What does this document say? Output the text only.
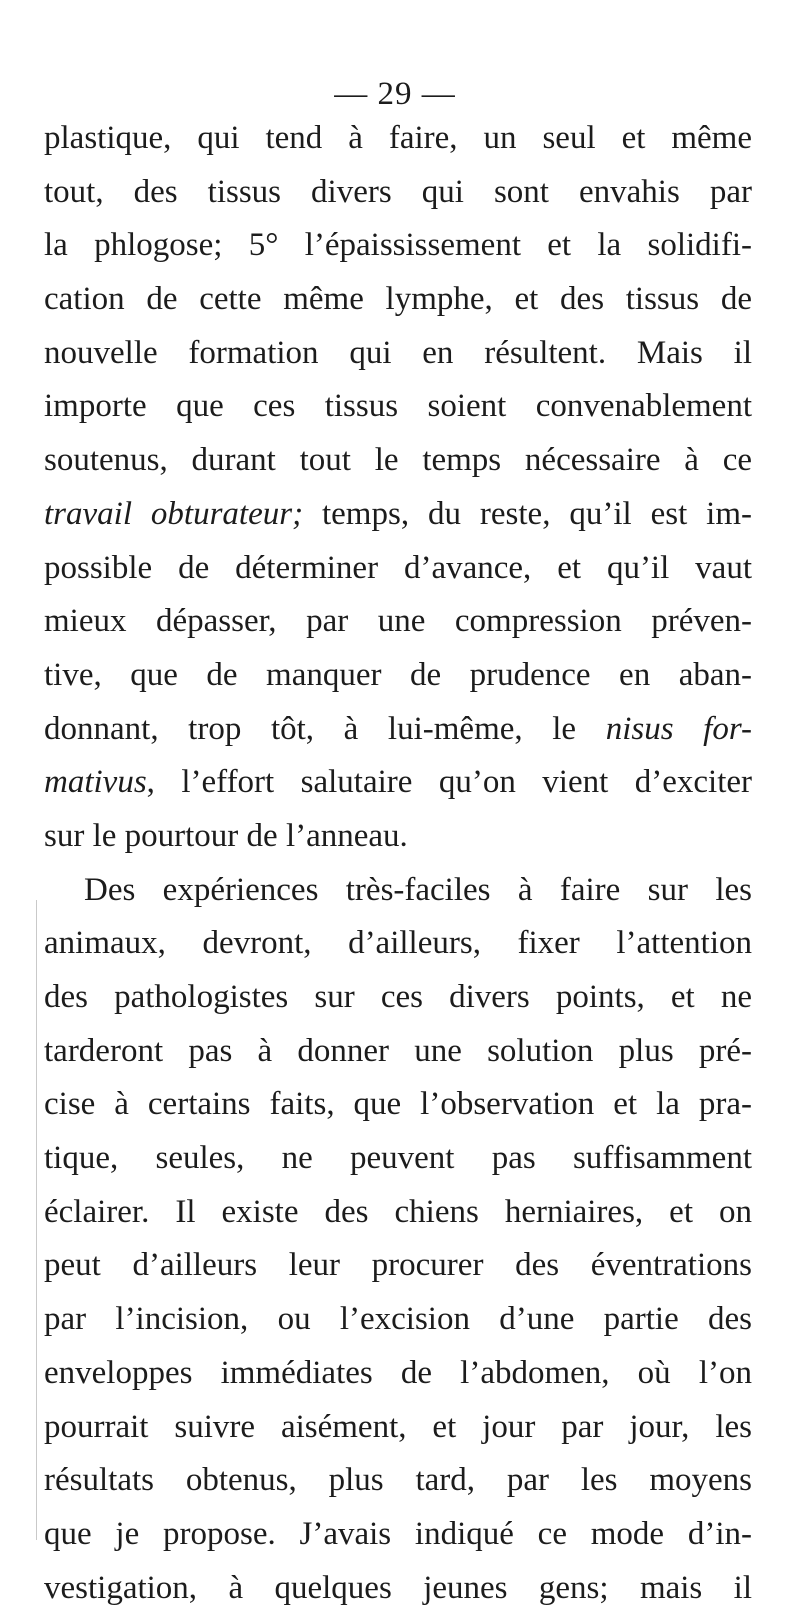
— 29 —
plastique, qui tend à faire, un seul et même
tout, des tissus divers qui sont envahis par
la phlogose; 5° l’épaississement et la solidifi-
cation de cette même lymphe, et des tissus de
nouvelle formation qui en résultent. Mais il
importe que ces tissus soient convenablement
soutenus, durant tout le temps nécessaire à ce
travail obturateur; temps, du reste, qu’il est im-
possible de déterminer d’avance, et qu’il vaut
mieux dépasser, par une compression préven-
tive, que de manquer de prudence en aban-
donnant, trop tôt, à lui-même, le nisus for-
mativus, l’effort salutaire qu’on vient d’exciter
sur le pourtour de l’anneau.
Des expériences très-faciles à faire sur les
animaux, devront, d’ailleurs, fixer l’attention
des pathologistes sur ces divers points, et ne
tarderont pas à donner une solution plus pré-
cise à certains faits, que l’observation et la pra-
tique, seules, ne peuvent pas suffisamment
éclairer. Il existe des chiens herniaires, et on
peut d’ailleurs leur procurer des éventrations
par l’incision, ou l’excision d’une partie des
enveloppes immédiates de l’abdomen, où l’on
pourrait suivre aisément, et jour par jour, les
résultats obtenus, plus tard, par les moyens
que je propose. J’avais indiqué ce mode d’in-
vestigation, à quelques jeunes gens; mais il
